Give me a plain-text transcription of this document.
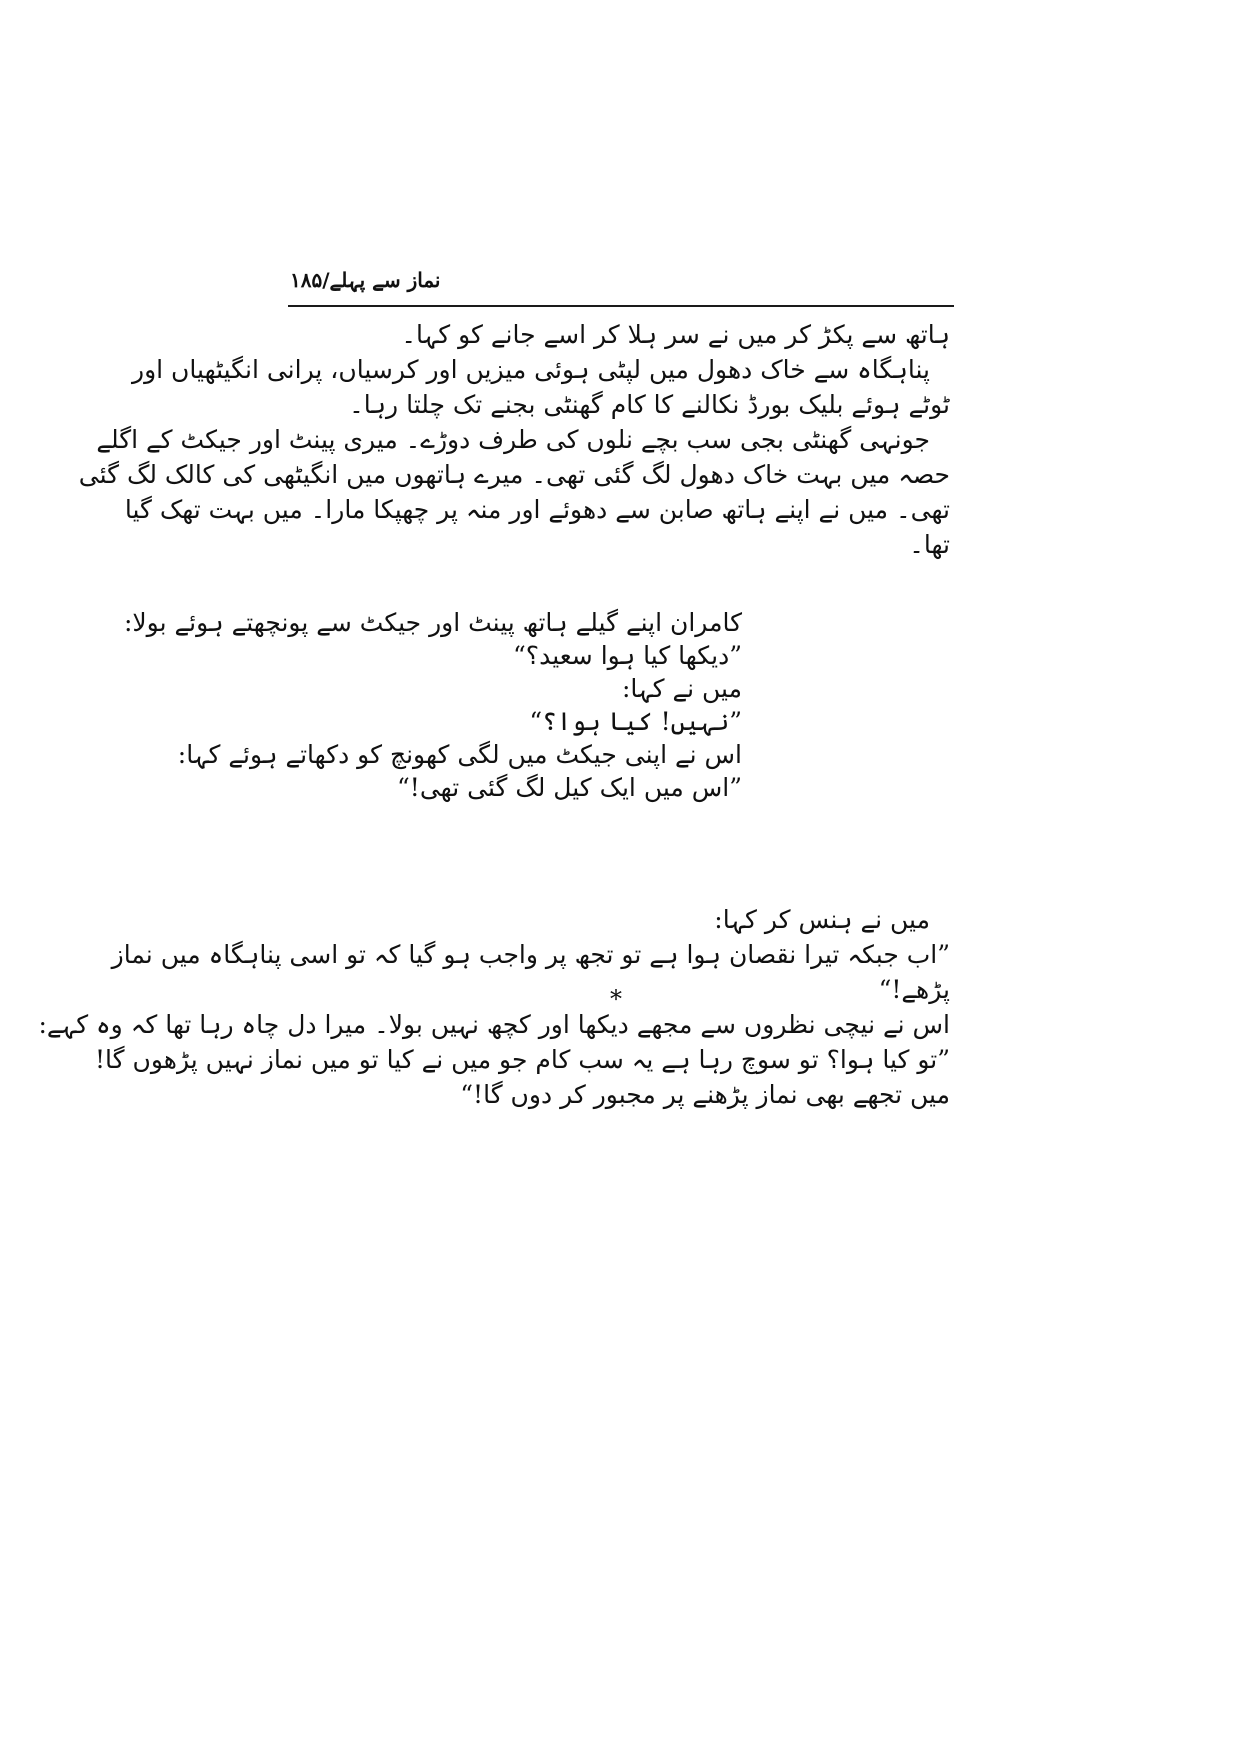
نماز سے پہلے/۱۸۵
ہاتھ سے پکڑ کر میں نے سر ہلا کر اسے جانے کو کہا۔
پناہگاہ سے خاک دھول میں لپٹی ہوئی میزیں اور کرسیاں، پرانی انگیٹھیاں اور
ٹوٹے ہوئے بلیک بورڈ نکالنے کا کام گھنٹی بجنے تک چلتا رہا۔
جونہی گھنٹی بجی سب بچے نلوں کی طرف دوڑے۔ میری پینٹ اور جیکٹ کے اگلے
حصہ میں بہت خاک دھول لگ گئی تھی۔ میرے ہاتھوں میں انگیٹھی کی کالک لگ گئی
تھی۔ میں نے اپنے ہاتھ صابن سے دھوئے اور منہ پر چھپکا مارا۔ میں بہت تھک گیا
تھا۔
کامران اپنے گیلے ہاتھ پینٹ اور جیکٹ سے پونچھتے ہوئے بولا:
”دیکھا کیا ہوا سعید؟“
میں نے کہا:
”نہیں! کیا ہوا؟“
اس نے اپنی جیکٹ میں لگی کھونچ کو دکھاتے ہوئے کہا:
”اس میں ایک کیل لگ گئی تھی!“
میں نے ہنس کر کہا:
”اب جبکہ تیرا نقصان ہوا ہے تو تجھ پر واجب ہو گیا کہ تو اسی پناہگاہ میں نماز
پڑھے!“
اس نے نیچی نظروں سے مجھے دیکھا اور کچھ نہیں بولا۔ میرا دل چاہ رہا تھا کہ وہ کہے:
”تو کیا ہوا؟ تو سوچ رہا ہے یہ سب کام جو میں نے کیا تو میں نماز نہیں پڑھوں گا!
میں تجھے بھی نماز پڑھنے پر مجبور کر دوں گا!“
*
